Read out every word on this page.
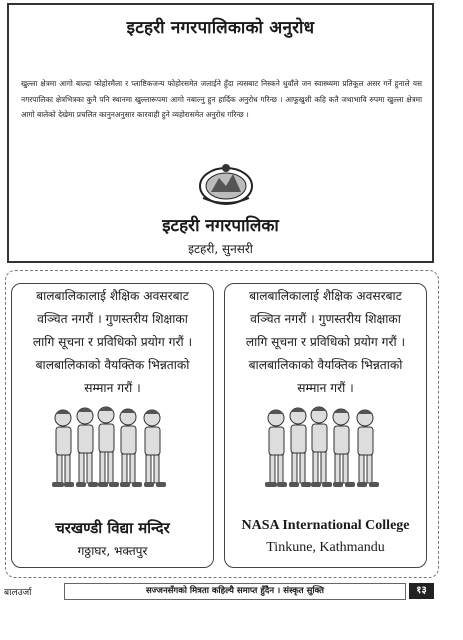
इटहरी नगरपालिकाको अनुरोध
खुल्ला क्षेत्रमा आगो बाल्दा फोहोरमैला र प्लाष्टिकजन्य फोहोरसमेत जलाईने हुँदा त्यसबाट निस्कने धुवाँले जन स्वास्थ्यमा प्रतिकूल असर गर्ने हुनाले यस नगरपालिका क्षेत्रभित्रका कुनै पनि स्थानमा खुल्लारूपमा आगो नबाल्नु हुन हार्दिक अनुरोध गरिन्छ । आफूखुशी कहि कतै जथाभावि रुपमा खुल्ला क्षेत्रमा आगो बालेको देखेमा प्रचलित कानुनअनुसार कारवाही हुने व्यहोरासमेत अनुरोध गरिन्छ ।
इटहरी नगरपालिका
इटहरी, सुनसरी
बालबालिकालाई शैक्षिक अवसरबाट
वञ्चित नगरौं । गुणस्तरीय शिक्षाका
लागि सूचना र प्रविधिको प्रयोग गरौं ।
बालबालिकाको वैयक्तिक भिन्नताको
सम्मान गरौं ।
चरखण्डी विद्या मन्दिर
गठ्ठाघर, भक्तपुर
बालबालिकालाई शैक्षिक अवसरबाट
वञ्चित नगरौं । गुणस्तरीय शिक्षाका
लागि सूचना र प्रविधिको प्रयोग गरौं ।
बालबालिकाको वैयक्तिक भिन्नताको
सम्मान गरौं ।
NASA International College
Tinkune, Kathmandu
बालउर्जा	सज्जनसँगको मित्रता कहिल्यै समाप्त हुँदैन । संस्कृत सुक्ति	१३
